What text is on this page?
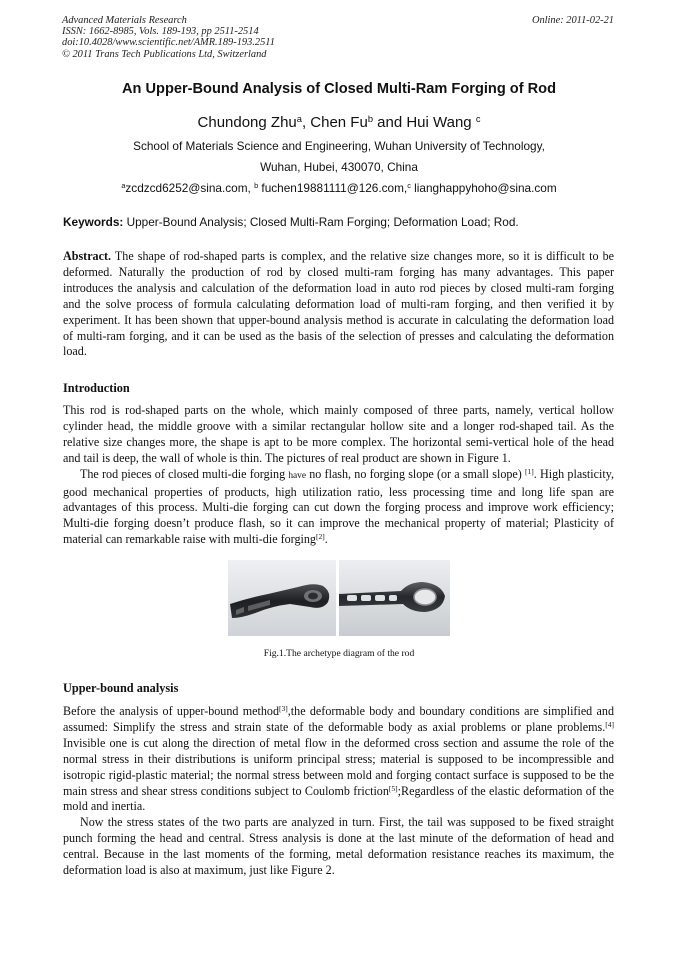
Advanced Materials Research
ISSN: 1662-8985, Vols. 189-193, pp 2511-2514
doi:10.4028/www.scientific.net/AMR.189-193.2511
© 2011 Trans Tech Publications Ltd, Switzerland
Online: 2011-02-21
An Upper-Bound Analysis of Closed Multi-Ram Forging of Rod
Chundong Zhu$^a$, Chen Fu$^b$ and Hui Wang $^c$
School of Materials Science and Engineering, Wuhan University of Technology,
Wuhan, Hubei, 430070, China
$^a$zcdzcd6252@sina.com, $^b$ fuchen19881111@126.com,$^c$ lianghappyhoho@sina.com
Keywords: Upper-Bound Analysis; Closed Multi-Ram Forging; Deformation Load; Rod.
Abstract. The shape of rod-shaped parts is complex, and the relative size changes more, so it is difficult to be deformed. Naturally the production of rod by closed multi-ram forging has many advantages. This paper introduces the analysis and calculation of the deformation load in auto rod pieces by closed multi-ram forging and the solve process of formula calculating deformation load of multi-ram forging, and then verified it by experiment. It has been shown that upper-bound analysis method is accurate in calculating the deformation load of multi-ram forging, and it can be used as the basis of the selection of presses and calculating the deformation load.
Introduction
This rod is rod-shaped parts on the whole, which mainly composed of three parts, namely, vertical hollow cylinder head, the middle groove with a similar rectangular hollow site and a longer rod-shaped tail. As the relative size changes more, the shape is apt to be more complex. The horizontal semi-vertical hole of the head and tail is deep, the wall of whole is thin. The pictures of real product are shown in Figure 1.
The rod pieces of closed multi-die forging have no flash, no forging slope (or a small slope) [1]. High plasticity, good mechanical properties of products, high utilization ratio, less processing time and long life span are advantages of this process. Multi-die forging can cut down the forging process and improve work efficiency; Multi-die forging doesn’t produce flash, so it can improve the mechanical property of material; Plasticity of material can remarkable raise with multi-die forging[2].
Fig.1.The archetype diagram of the rod
Upper-bound analysis
Before the analysis of upper-bound method[3],the deformable body and boundary conditions are simplified and assumed: Simplify the stress and strain state of the deformable body as axial problems or plane problems.[4] Invisible one is cut along the direction of metal flow in the deformed cross section and assume the role of the normal stress in their distributions is uniform principal stress; material is supposed to be incompressible and isotropic rigid-plastic material; the normal stress between mold and forging contact surface is supposed to be the main stress and shear stress conditions subject to Coulomb friction[5];Regardless of the elastic deformation of the mold and inertia.
Now the stress states of the two parts are analyzed in turn. First, the tail was supposed to be fixed straight punch forming the head and central. Stress analysis is done at the last minute of the deformation of head and central. Because in the last moments of the forming, metal deformation resistance reaches its maximum, the deformation load is also at maximum, just like Figure 2.
